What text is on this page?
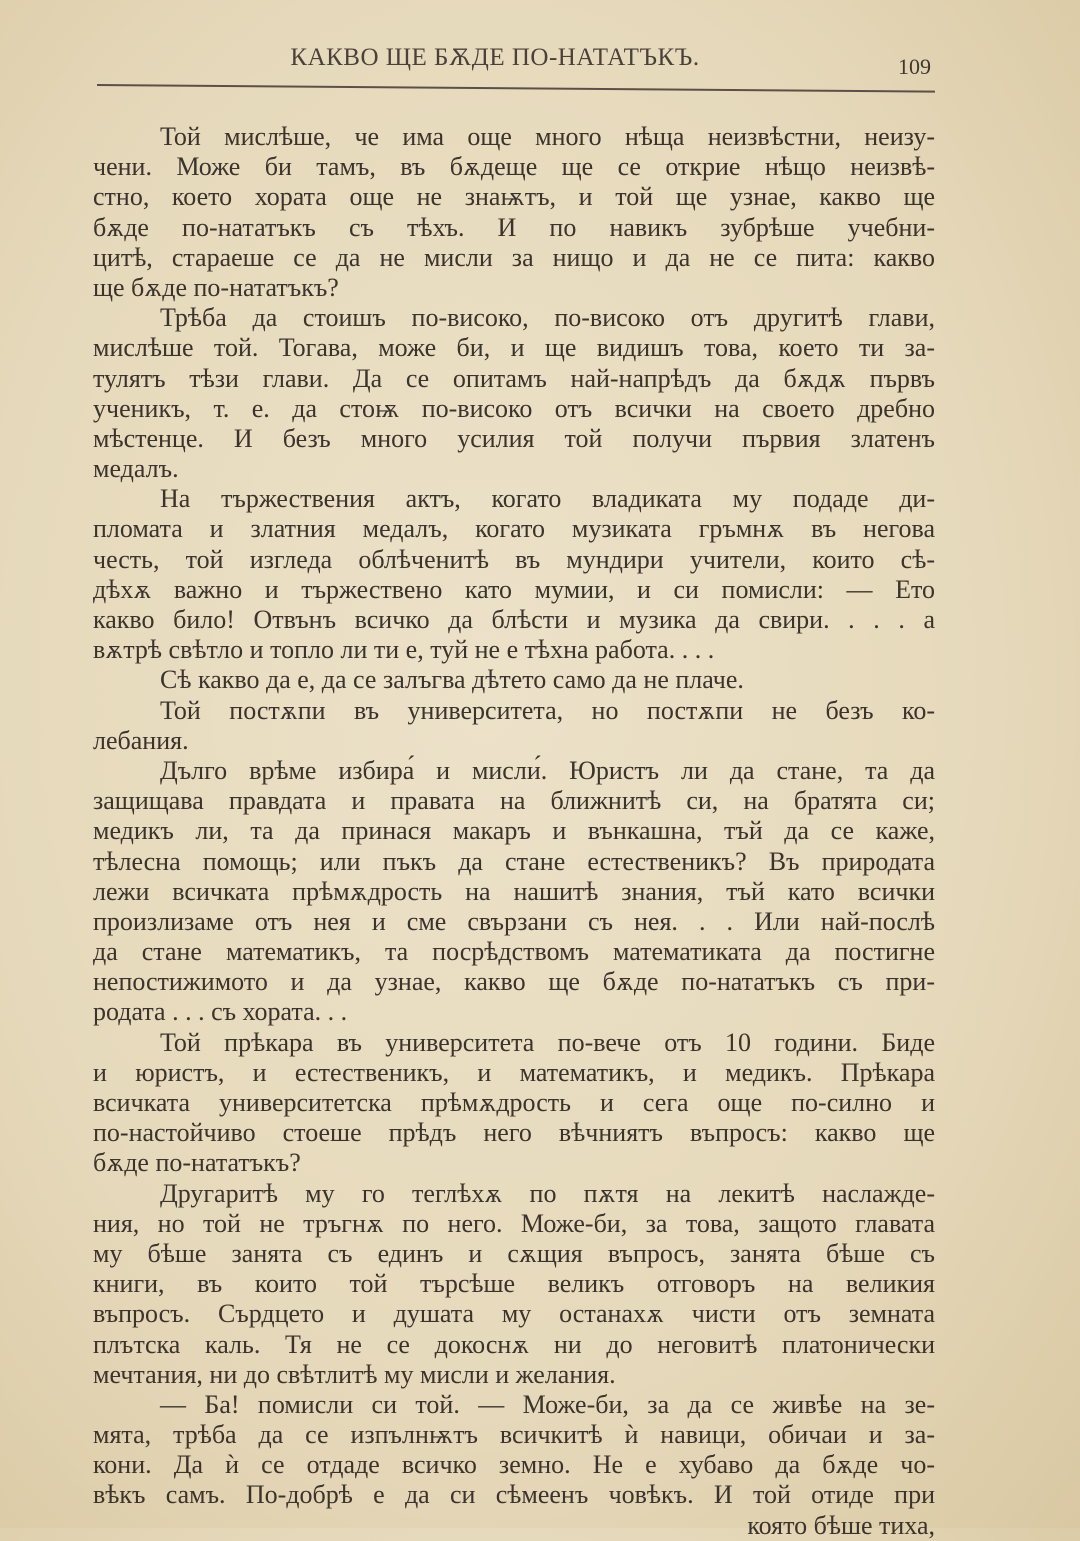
КАКВО ЩЕ БѪДЕ ПО-НАТАТЪКЪ.	109
Той мислѣше, че има още много нѣща неизвѣстни, неизу-
чени. Може би тамъ, въ бѫдеще ще се открие нѣщо неизвѣ-
стно, което хората още не знаѭтъ, и той ще узнае, какво ще
бѫде по-нататъкъ съ тѣхъ. И по навикъ зубрѣше учебни-
цитѣ, стараеше се да не мисли за нищо и да не се пита: какво
ще бѫде по-нататъкъ?
Трѣба да стоишъ по-високо, по-високо отъ другитѣ глави,
мислѣше той. Тогава, може би, и ще видишъ това, което ти за-
тулятъ тѣзи глави. Да се опитамъ най-напрѣдъ да бѫдѫ първъ
ученикъ, т. е. да стоѭ по-високо отъ всички на своето дребно
мѣстенце. И безъ много усилия той получи първия златенъ
медалъ.
На тържествения актъ, когато владиката му подаде ди-
пломата и златния медалъ, когато музиката гръмнѫ въ негова
честь, той изгледа облѣченитѣ въ мундири учители, които сѣ-
дѣхѫ важно и тържествено като мумии, и си помисли: — Ето
какво било! Отвънъ всичко да блѣсти и музика да свири. . . . а
вѫтрѣ свѣтло и топло ли ти е, туй не е тѣхна работа. . . .
Сѣ какво да е, да се залъгва дѣтето само да не плаче.
Той постѫпи въ университета, но постѫпи не безъ ко-
лебания.
Дълго врѣме избира́ и мисли́. Юристъ ли да стане, та да
защищава правдата и правата на ближнитѣ си, на братята си;
медикъ ли, та да принася макаръ и вънкашна, тъй да се каже,
тѣлесна помощь; или пъкъ да стане естественикъ? Въ природата
лежи всичката прѣмѫдрость на нашитѣ знания, тъй като всички
произлизаме отъ нея и сме свързани съ нея. . . Или най-послѣ
да стане математикъ, та посрѣдствомъ математиката да постигне
непостижимото и да узнае, какво ще бѫде по-нататъкъ съ при-
родата . . . съ хората. . .
Той прѣкара въ университета по-вече отъ 10 години. Биде
и юристъ, и естественикъ, и математикъ, и медикъ. Прѣкара
всичката университетска прѣмѫдрость и сега още по-силно и
по-настойчиво стоеше прѣдъ него вѣчниятъ въпросъ: какво ще
бѫде по-нататъкъ?
Другаритѣ му го теглѣхѫ по пѫтя на лекитѣ наслажде-
ния, но той не тръгнѫ по него. Може-би, за това, защото главата
му бѣше занята съ единъ и сѫщия въпросъ, занята бѣше съ
книги, въ които той търсѣше великъ отговоръ на великия
въпросъ. Сърдцето и душата му останахѫ чисти отъ земната
плътска каль. Тя не се докоснѫ ни до неговитѣ платонически
мечтания, ни до свѣтлитѣ му мисли и желания.
— Ба! помисли си той. — Може-би, за да се живѣе на зе-
мята, трѣба да се изпълнѭтъ всичкитѣ ѝ навици, обичаи и за-
кони. Да ѝ се отдаде всичко земно. Не е хубаво да бѫде чо-
вѣкъ самъ. По-добрѣ е да си сѣмеенъ човѣкъ. И той отиде при
която бѣше тиха,
